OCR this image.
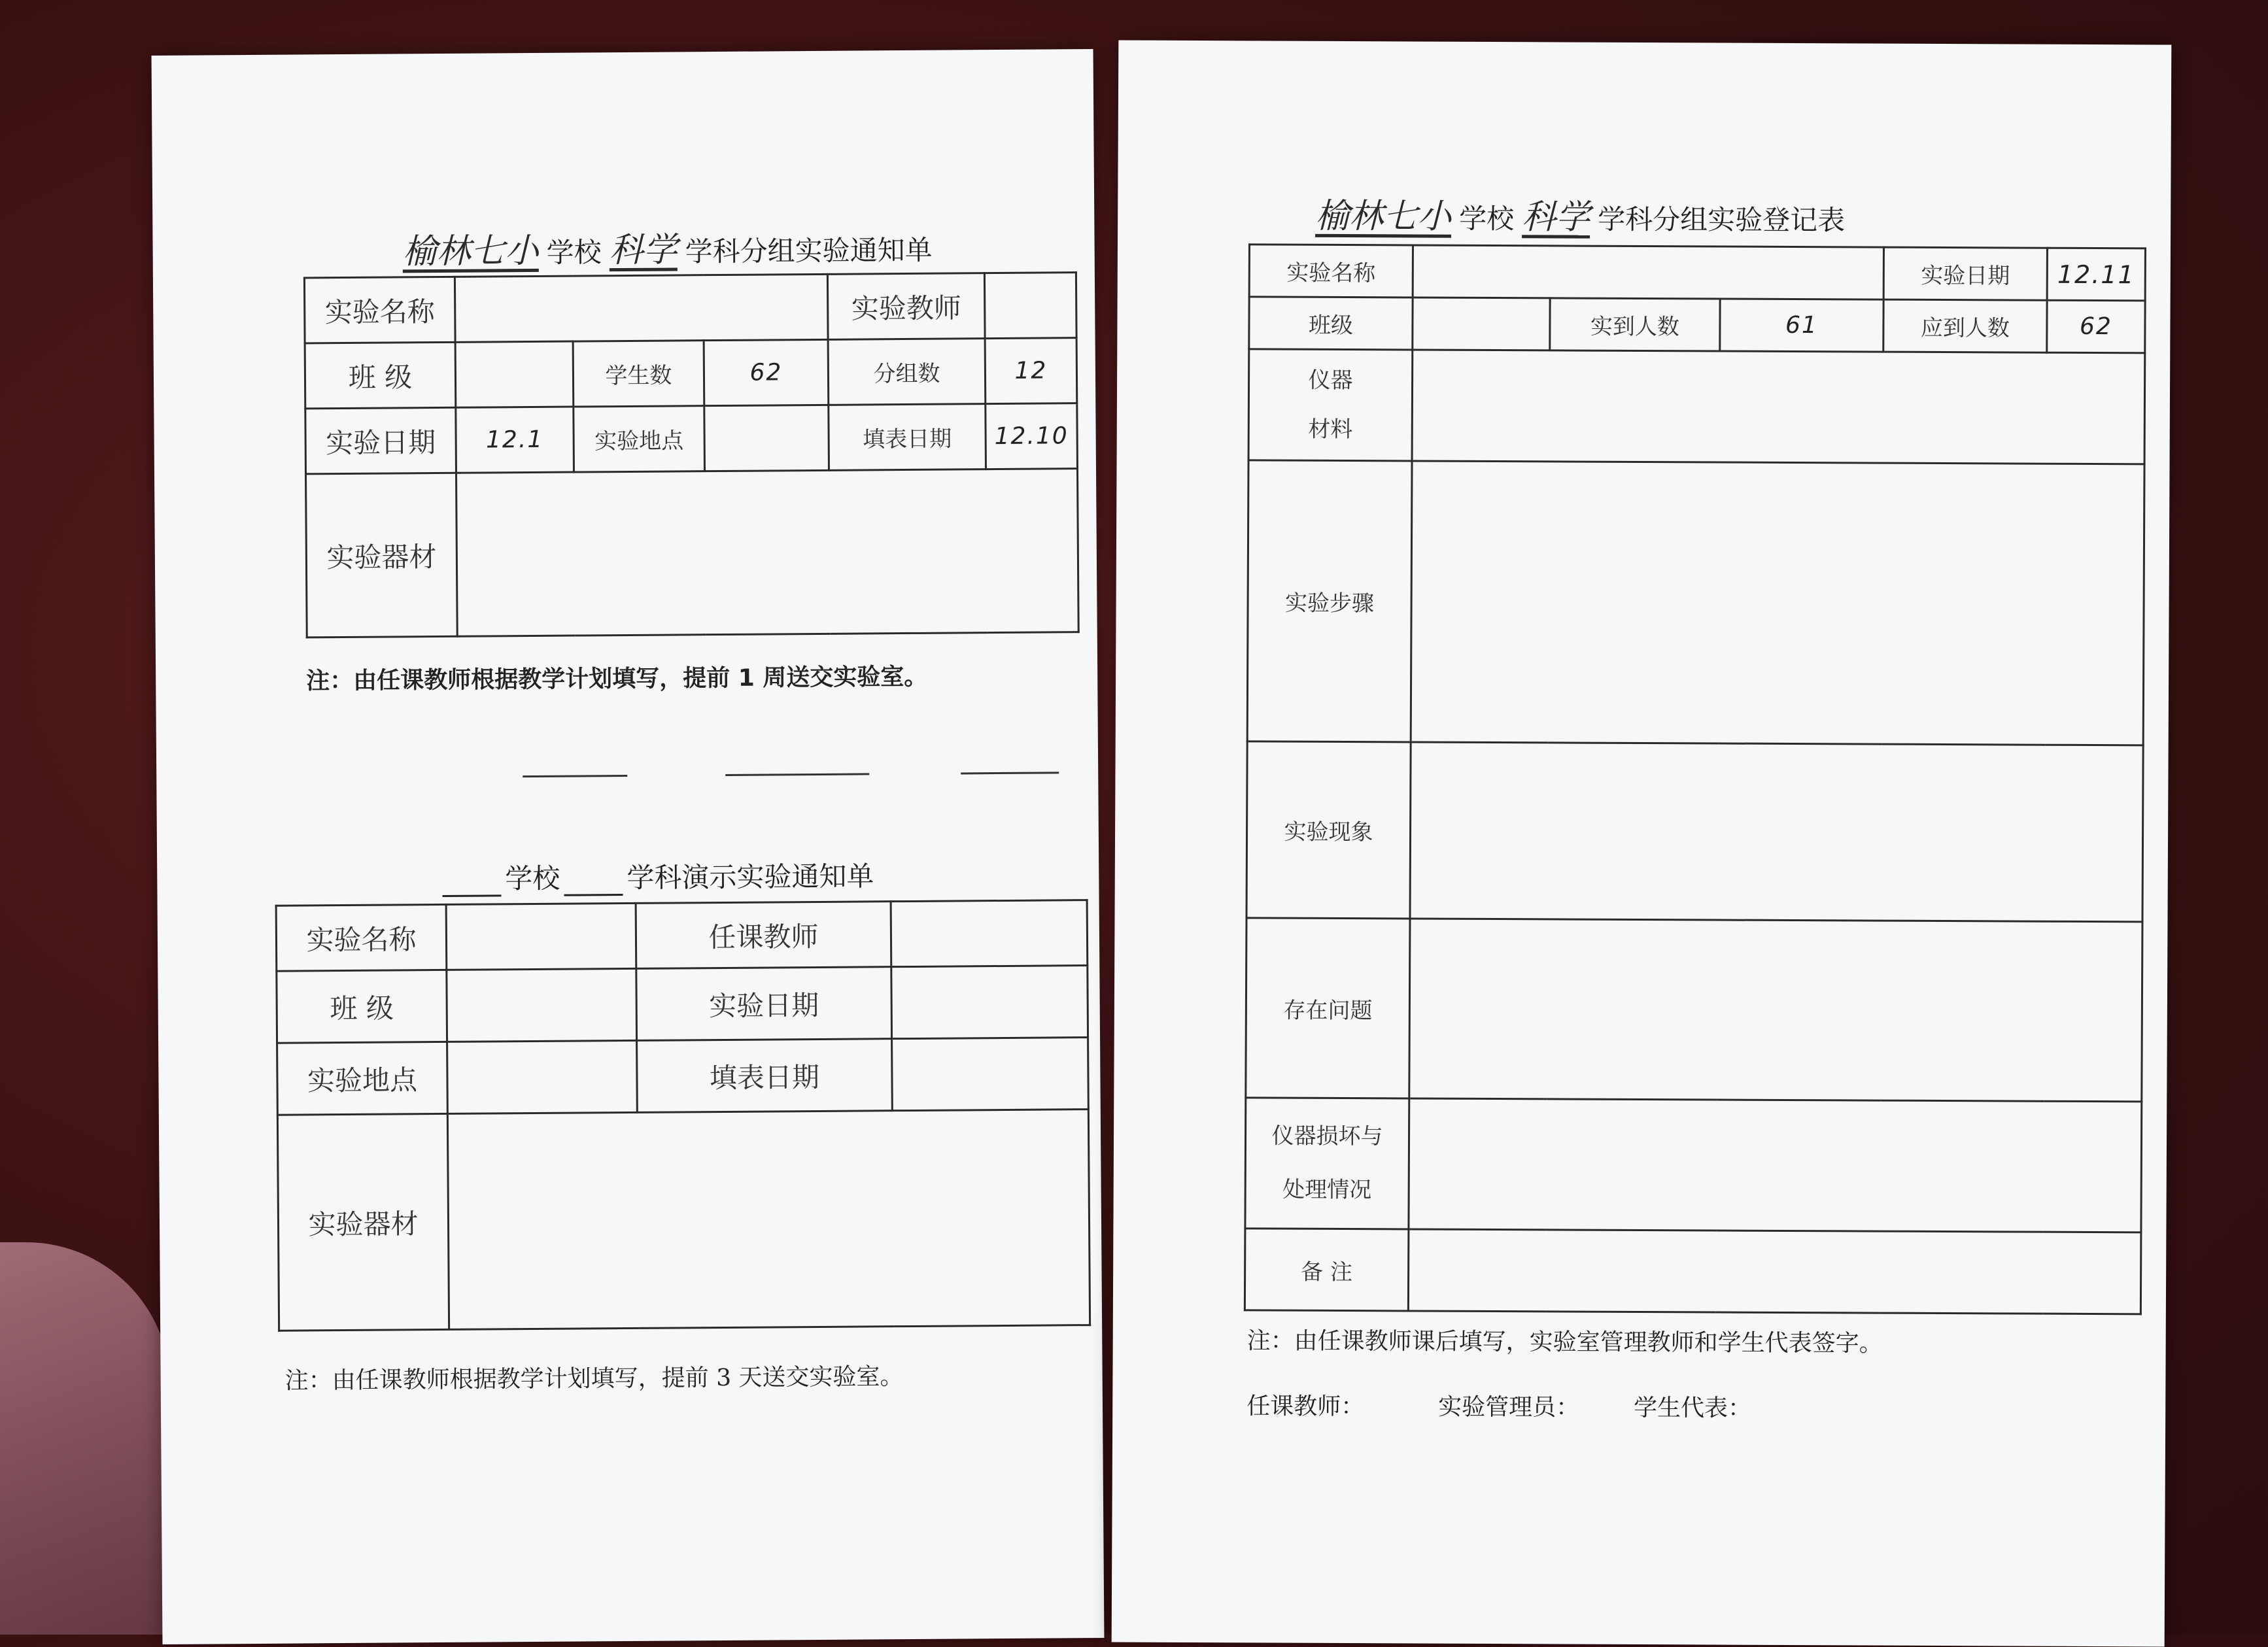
榆林七小 学校 科学 学科分组实验通知单
实验名称				实验教师	
班 级		学生数	62	分组数	12
实验日期	12.1	实验地点		填表日期	12.10
实验器材					
注：由任课教师根据教学计划填写，提前 1 周送交实验室。
学校 学科演示实验通知单
实验名称		任课教师	
班 级		实验日期	
实验地点		填表日期	
实验器材			
注：由任课教师根据教学计划填写，提前 3 天送交实验室。
榆林七小 学校 科学 学科分组实验登记表
实验名称				实验日期	12.11
班级		实到人数	61	应到人数	62

仪器
材料					

实验步骤					

实验现象					

存在问题					

仪器损坏与
处理情况					

备 注					
注：由任课教师课后填写，实验室管理教师和学生代表签字。
任课教师：	实验管理员： 学生代表：
